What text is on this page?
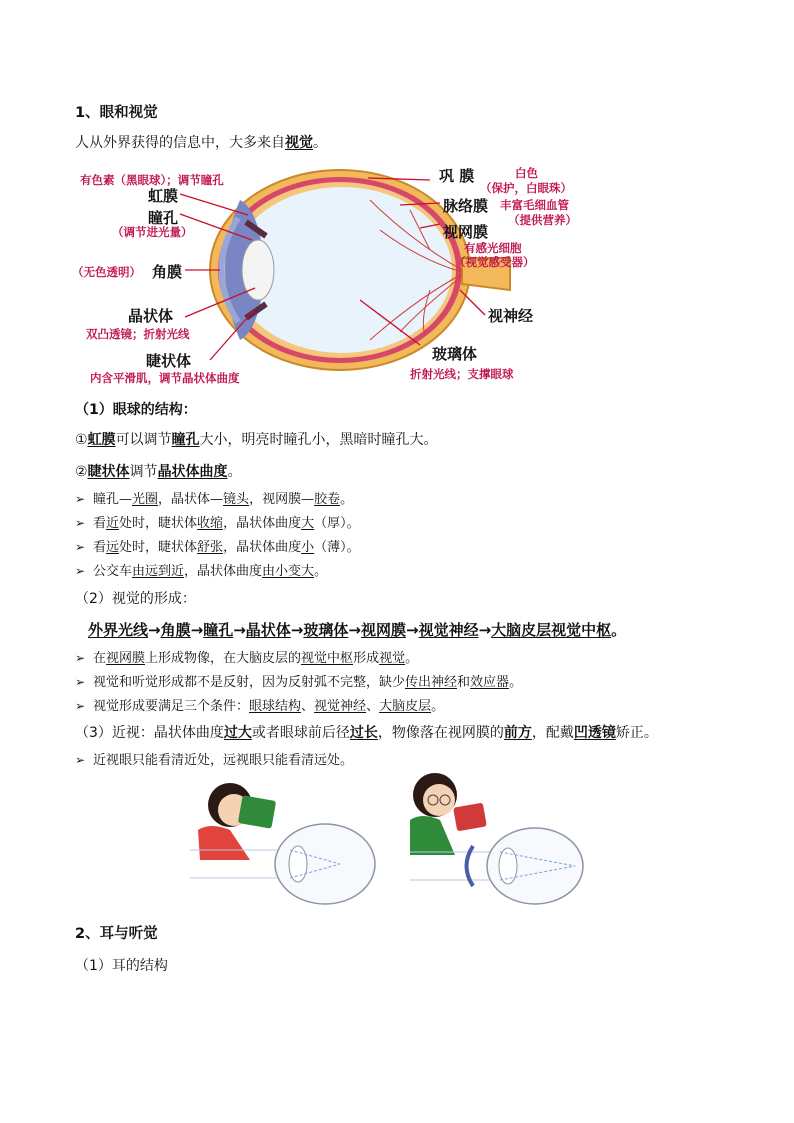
1、眼和视觉
人从外界获得的信息中，大多来自视觉。
有色素（黑眼球）；调节瞳孔
虹膜
瞳孔
（调节进光量）
（无色透明） 角膜
晶状体
双凸透镜；折射光线
睫状体
内含平滑肌，调节晶状体曲度
巩 膜	白色
（保护，白眼珠）
脉络膜 丰富毛细血管
（提供营养）
视网膜
有感光细胞
（视觉感受器）
视神经
玻璃体
折射光线；支撑眼球
（1）眼球的结构：
①虹膜可以调节瞳孔大小，明亮时瞳孔小，黑暗时瞳孔大。
②睫状体调节晶状体曲度。
➢ 瞳孔—光圈，晶状体—镜头，视网膜—胶卷。
➢ 看近处时，睫状体收缩，晶状体曲度大（厚）。
➢ 看远处时，睫状体舒张，晶状体曲度小（薄）。
➢ 公交车由远到近，晶状体曲度由小变大。
（2）视觉的形成：
外界光线→角膜→瞳孔→晶状体→玻璃体→视网膜→视觉神经→大脑皮层视觉中枢。
➢ 在视网膜上形成物像，在大脑皮层的视觉中枢形成视觉。
➢ 视觉和听觉形成都不是反射，因为反射弧不完整，缺少传出神经和效应器。
➢ 视觉形成要满足三个条件：眼球结构、视觉神经、大脑皮层。
（3）近视：晶状体曲度过大或者眼球前后径过长，物像落在视网膜的前方，配戴凹透镜矫正。
➢ 近视眼只能看清近处，远视眼只能看清远处。
2、耳与听觉
（1）耳的结构
